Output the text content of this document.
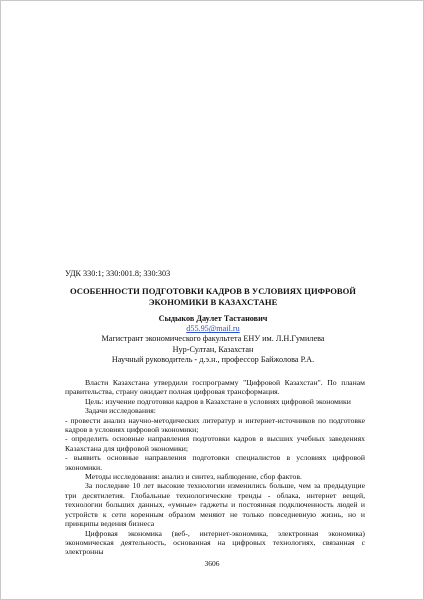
УДК 330:1; 330:001.8; 330:303
ОСОБЕННОСТИ ПОДГОТОВКИ КАДРОВ В УСЛОВИЯХ ЦИФРОВОЙ
ЭКОНОМИКИ В КАЗАХСТАНЕ
Сыдыков Даулет Тастанович
d55.95@mail.ru
Магистрант экономического факультета ЕНУ им. Л.Н.Гумилева
Нур-Султан, Казахстан
Научный руководитель - д.э.н., профессор Байжолова Р.А.

Власти Казахстана утвердили госпрограмму "Цифровой Казахстан". По планам правительства, страну ожидает полная цифровая трансформация.

Цель: изучение подготовки кадров в Казахстане в условиях цифровой экономики

Задачи исследования:

- провести анализ научно-методических литератур и интернет-источников по подготовке кадров в условиях цифровой экономики;

- определить основные направления подготовки кадров в высших учебных заведениях Казахстана для цифровой экономики;

- выявить основные направления подготовки специалистов в условиях цифровой экономики.

Методы исследования: анализ и синтез, наблюдение, сбор фактов.

За последние 10 лет высокие технологии изменились больше, чем за предыдущие три десятилетия. Глобальные технологические тренды - облака, интернет вещей, технологии больших данных, «умные» гаджеты и постоянная подключенность людей и устройств к сети коренным образом меняют не только повседневную жизнь, но и принципы ведения бизнеса

Цифровая экономика (веб-, интернет-экономика, электронная экономика) экономическая деятельность, основанная на цифровых технологиях, связанная с электронны

3606
